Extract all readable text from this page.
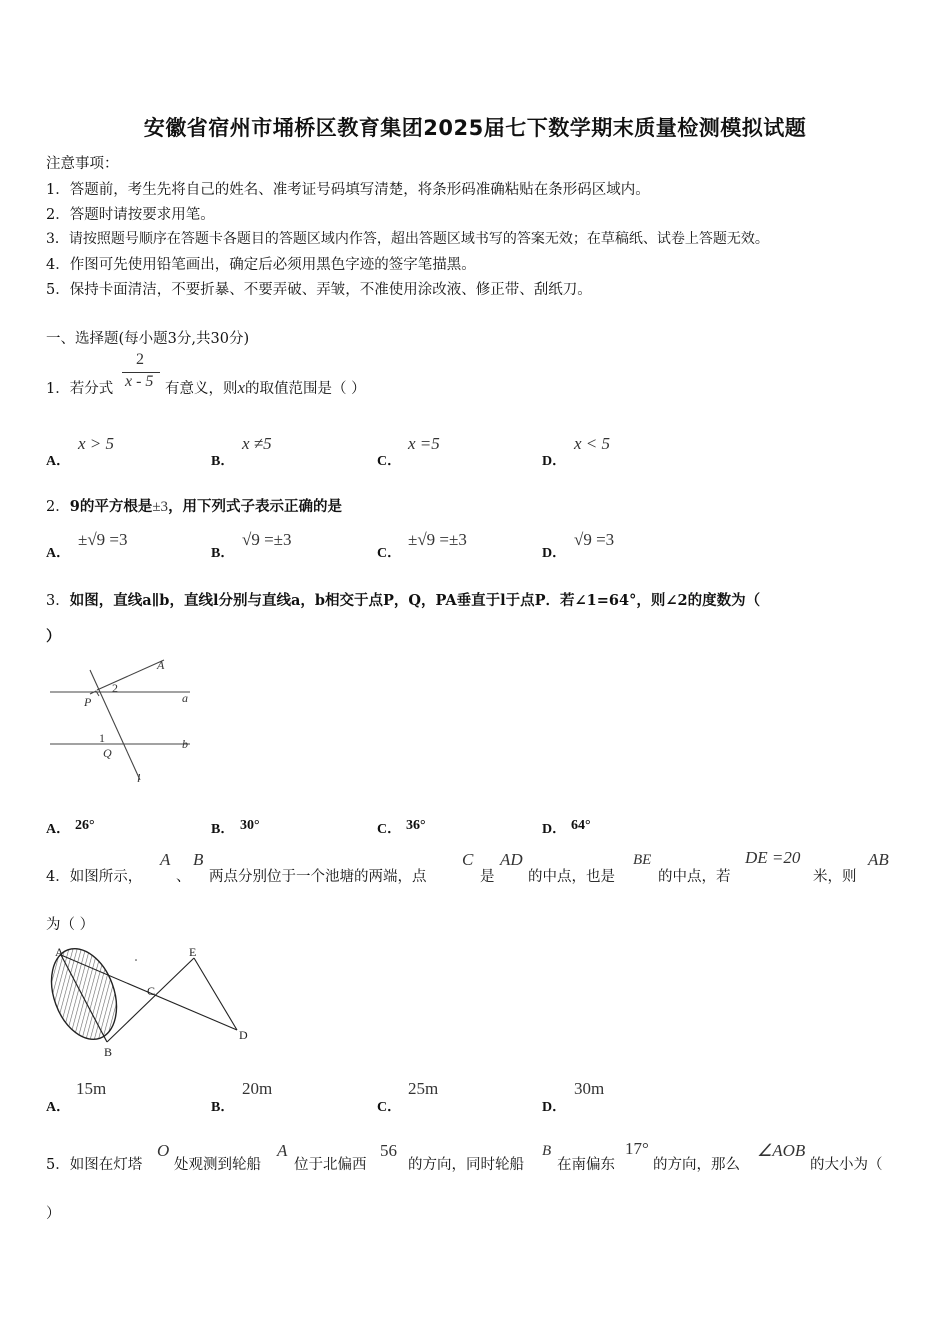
安徽省宿州市埇桥区教育集团2025届七下数学期末质量检测模拟试题
注意事项：
1．答题前，考生先将自己的姓名、准考证号码填写清楚，将条形码准确粘贴在条形码区域内。
2．答题时请按要求用笔。
3．请按照题号顺序在答题卡各题目的答题区域内作答，超出答题区域书写的答案无效；在草稿纸、试卷上答题无效。
4．作图可先使用铅笔画出，确定后必须用黑色字迹的签字笔描黑。
5．保持卡面清洁，不要折暴、不要弄破、弄皱，不准使用涂改液、修正带、刮纸刀。
一、选择题(每小题3分,共30分)
1．若分式
2
x - 5 有意义，则x的取值范围是（ ）
A．
x > 5
B．
x ≠5
C．
x =5
D．
x < 5
2．9的平方根是±3，用下列式子表示正确的是
A．
±√9 =3
B．
√9 =±3
C．
±√9 =±3
D．
√9 =3
3．如图，直线a∥b，直线l分别与直线a，b相交于点P，Q，PA垂直于l于点P．若∠1=64°，则∠2的度数为（
）
A
P
2
a
1
Q
b
l
A． 26°	B． 30°	C． 36°	D． 64°
4．如图所示，
A
、
B
两点分别位于一个池塘的两端，点
C
是
AD
的中点，也是
BE
的中点，若
DE =20
米，则
AB
为（ ）
A
B
C
E
D
A．
15m
B．
20m
C．
25m
D．
30m
5．如图在灯塔
O
处观测到轮船
A
位于北偏西
56
的方向，同时轮船
B
在南偏东
17°
的方向，那么
∠AOB
的大小为（
）
